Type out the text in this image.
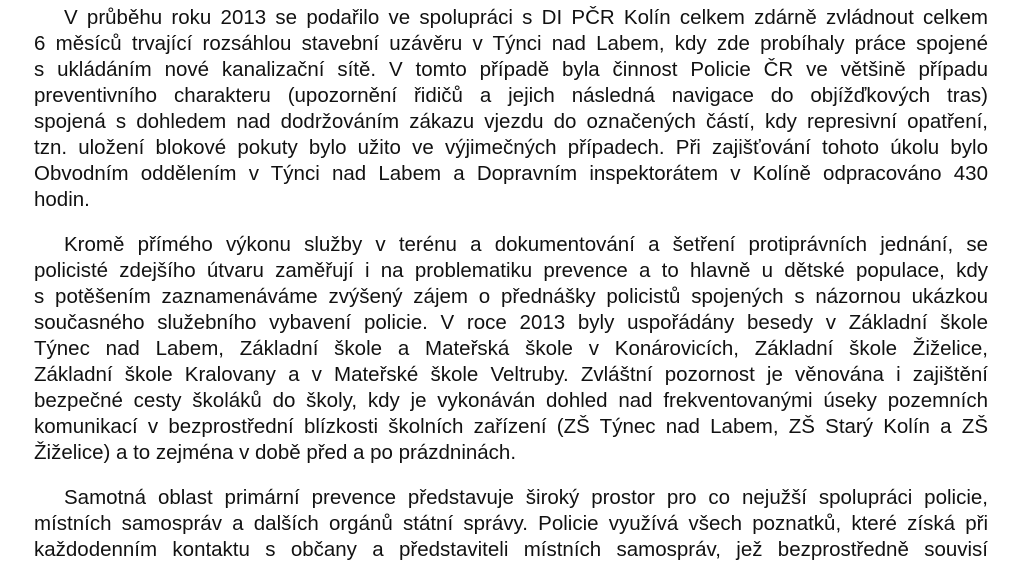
V průběhu roku 2013 se podařilo ve spolupráci s DI PČR Kolín celkem zdárně zvládnout celkem
6 měsíců trvající rozsáhlou stavební uzávěru v Týnci nad Labem, kdy zde probíhaly práce spojené
s ukládáním nové kanalizační sítě. V tomto případě byla činnost Policie ČR ve většině případu
preventivního charakteru (upozornění řidičů a jejich následná navigace do objížďkových tras)
spojená s dohledem nad dodržováním zákazu vjezdu do označených částí, kdy represivní opatření,
tzn. uložení blokové pokuty bylo užito ve výjimečných případech. Při zajišťování tohoto úkolu bylo
Obvodním oddělením v Týnci nad Labem a Dopravním inspektorátem v Kolíně odpracováno 430
hodin.
Kromě přímého výkonu služby v terénu a dokumentování a šetření protiprávních jednání, se
policisté zdejšího útvaru zaměřují i na problematiku prevence a to hlavně u dětské populace, kdy
s potěšením zaznamenáváme zvýšený zájem o přednášky policistů spojených s názornou ukázkou
současného služebního vybavení policie. V roce 2013 byly uspořádány besedy v Základní škole
Týnec nad Labem, Základní škole a Mateřská škole v Konárovicích, Základní škole Žiželice,
Základní škole Kralovany a v Mateřské škole Veltruby. Zvláštní pozornost je věnována i zajištění
bezpečné cesty školáků do školy, kdy je vykonáván dohled nad frekventovanými úseky pozemních
komunikací v bezprostřední blízkosti školních zařízení (ZŠ Týnec nad Labem, ZŠ Starý Kolín a ZŠ
Žiželice) a to zejména v době před a po prázdninách.
Samotná oblast primární prevence představuje široký prostor pro co nejužší spolupráci policie,
místních samospráv a dalších orgánů státní správy. Policie využívá všech poznatků, které získá při
každodenním kontaktu s občany a představiteli místních samospráv, jež bezprostředně souvisí
